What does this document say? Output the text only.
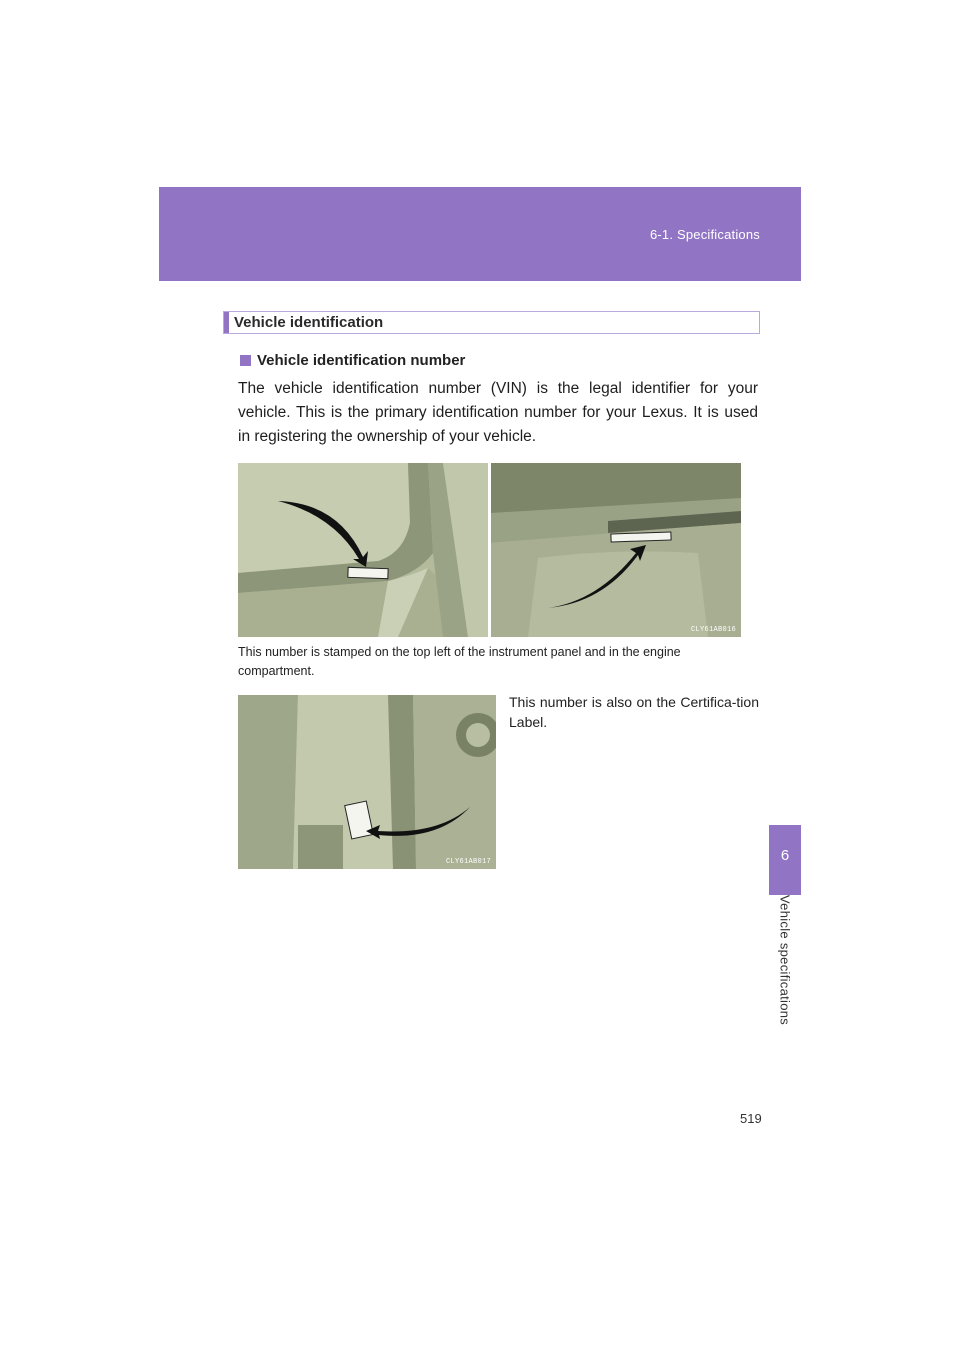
6-1. Specifications
6
Vehicle specifications
Vehicle identification
Vehicle identification number
The vehicle identification number (VIN) is the legal identifier for your vehicle. This is the primary identification number for your Lexus. It is used in registering the ownership of your vehicle.
CLY61AB016
This number is stamped on the top left of the instrument panel and in the engine compartment.
CLY61AB017
This number is also on the Certifica-tion Label.
519
